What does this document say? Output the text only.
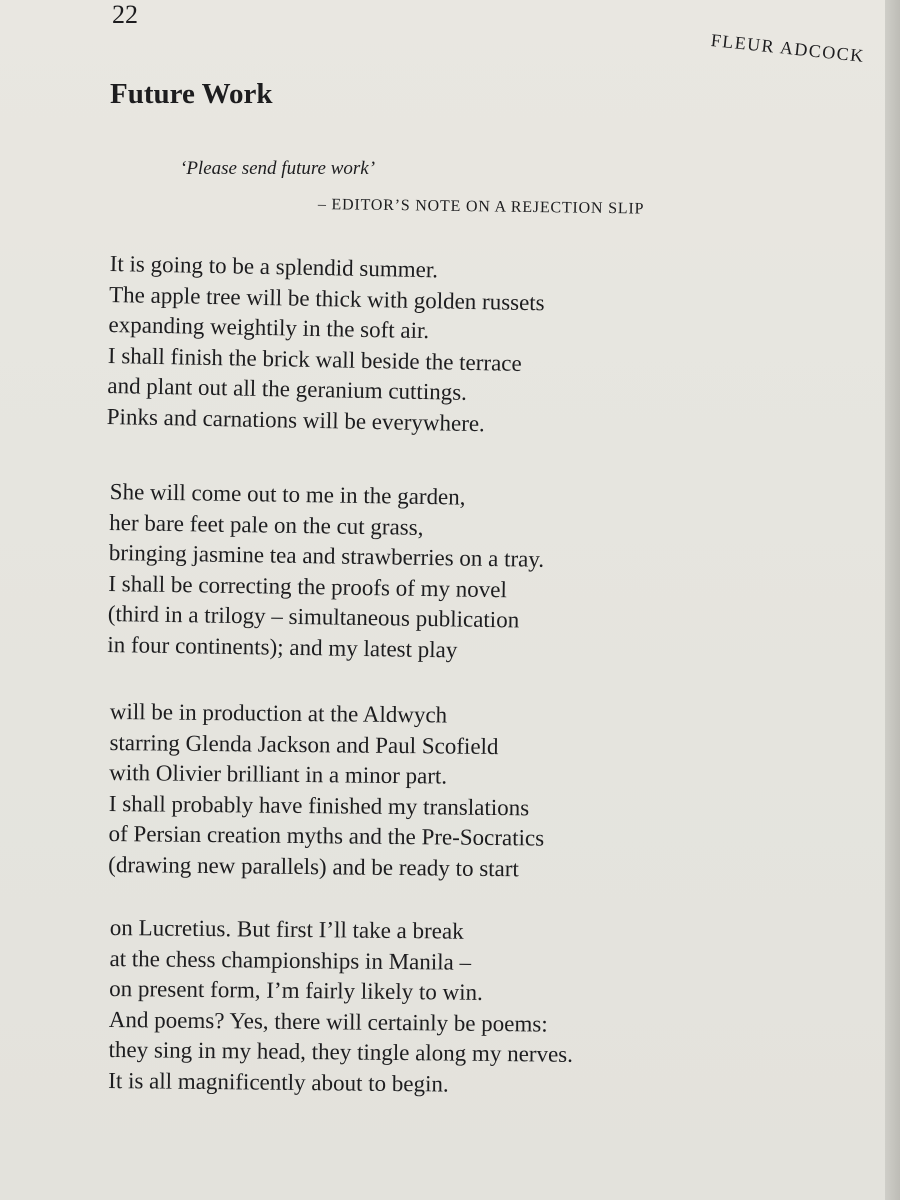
22
FLEUR ADCOCK
Future Work
‘Please send future work’
– EDITOR’S NOTE ON A REJECTION SLIP
It is going to be a splendid summer.
The apple tree will be thick with golden russets
expanding weightily in the soft air.
I shall finish the brick wall beside the terrace
and plant out all the geranium cuttings.
Pinks and carnations will be everywhere.
She will come out to me in the garden,
her bare feet pale on the cut grass,
bringing jasmine tea and strawberries on a tray.
I shall be correcting the proofs of my novel
(third in a trilogy – simultaneous publication
in four continents); and my latest play
will be in production at the Aldwych
starring Glenda Jackson and Paul Scofield
with Olivier brilliant in a minor part.
I shall probably have finished my translations
of Persian creation myths and the Pre-Socratics
(drawing new parallels) and be ready to start
on Lucretius. But first I’ll take a break
at the chess championships in Manila –
on present form, I’m fairly likely to win.
And poems? Yes, there will certainly be poems:
they sing in my head, they tingle along my nerves.
It is all magnificently about to begin.
